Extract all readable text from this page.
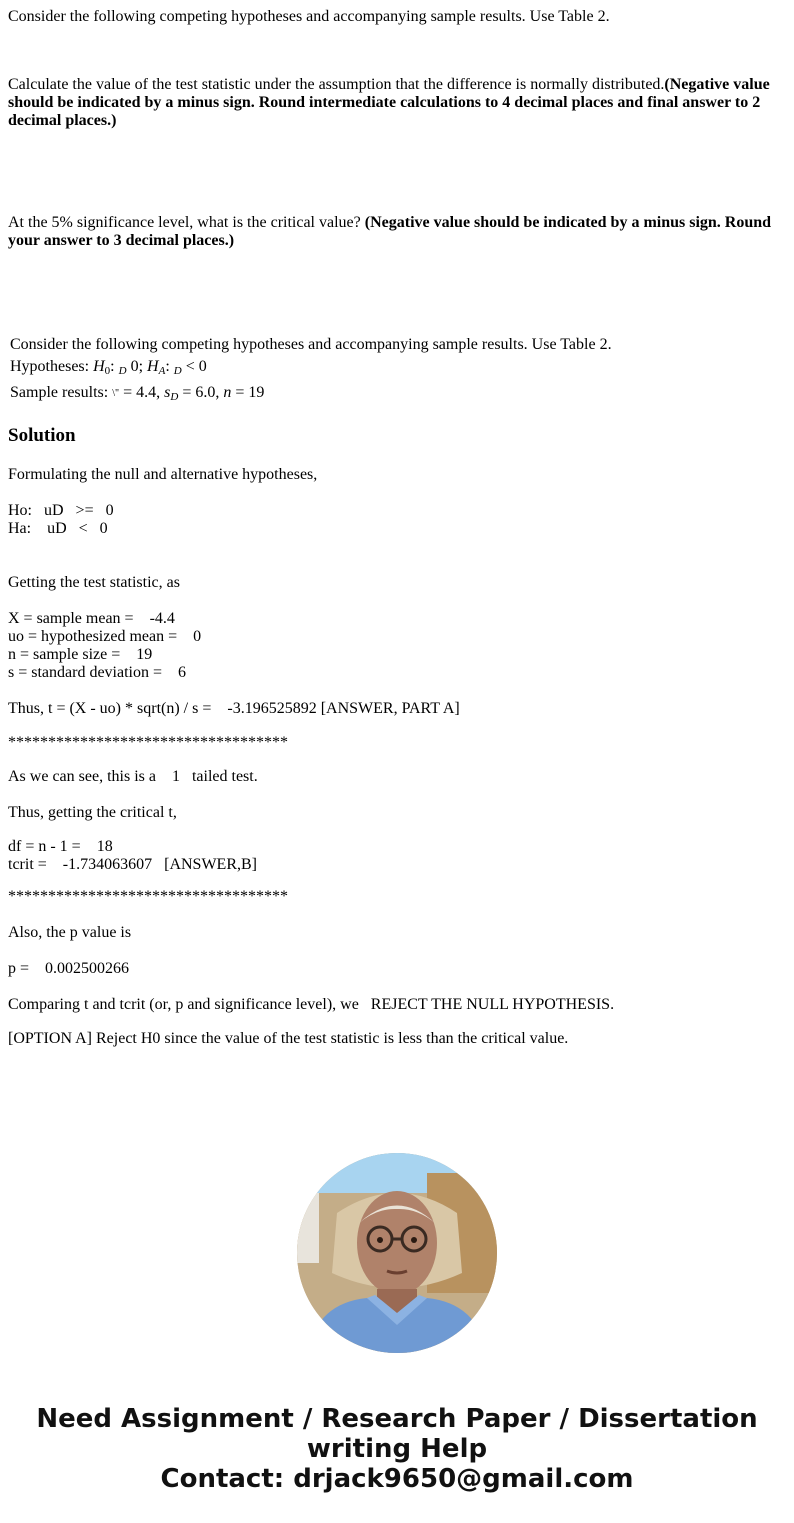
Consider the following competing hypotheses and accompanying sample results. Use Table 2.
Calculate the value of the test statistic under the assumption that the difference is normally distributed.(Negative value should be indicated by a minus sign. Round intermediate calculations to 4 decimal places and final answer to 2 decimal places.)
At the 5% significance level, what is the critical value? (Negative value should be indicated by a minus sign. Round your answer to 3 decimal places.)
Consider the following competing hypotheses and accompanying sample results. Use Table 2.
Hypotheses: $H_0$: $_D$ 0; $H_A$: $_D$ < 0
Sample results: \" = 4.4, $s_D = 6.0$, n = 19
Solution
Formulating the null and alternative hypotheses,
Ho:   uD   >=   0
Ha:    uD   <   0
Getting the test statistic, as
X = sample mean =    -4.4
uo = hypothesized mean =    0
n = sample size =    19
s = standard deviation =    6
Thus, t = (X - uo) * sqrt(n) / s =    -3.196525892 [ANSWER, PART A]
***********************************
As we can see, this is a    1   tailed test.
Thus, getting the critical t,
df = n - 1 =    18
tcrit =    -1.734063607   [ANSWER,B]
***********************************
Also, the p value is
p =    0.002500266
Comparing t and tcrit (or, p and significance level), we   REJECT THE NULL HYPOTHESIS.
[OPTION A] Reject H0 since the value of the test statistic is less than the critical value.
Need Assignment / Research Paper / Dissertation
writing Help
Contact: drjack9650@gmail.com
